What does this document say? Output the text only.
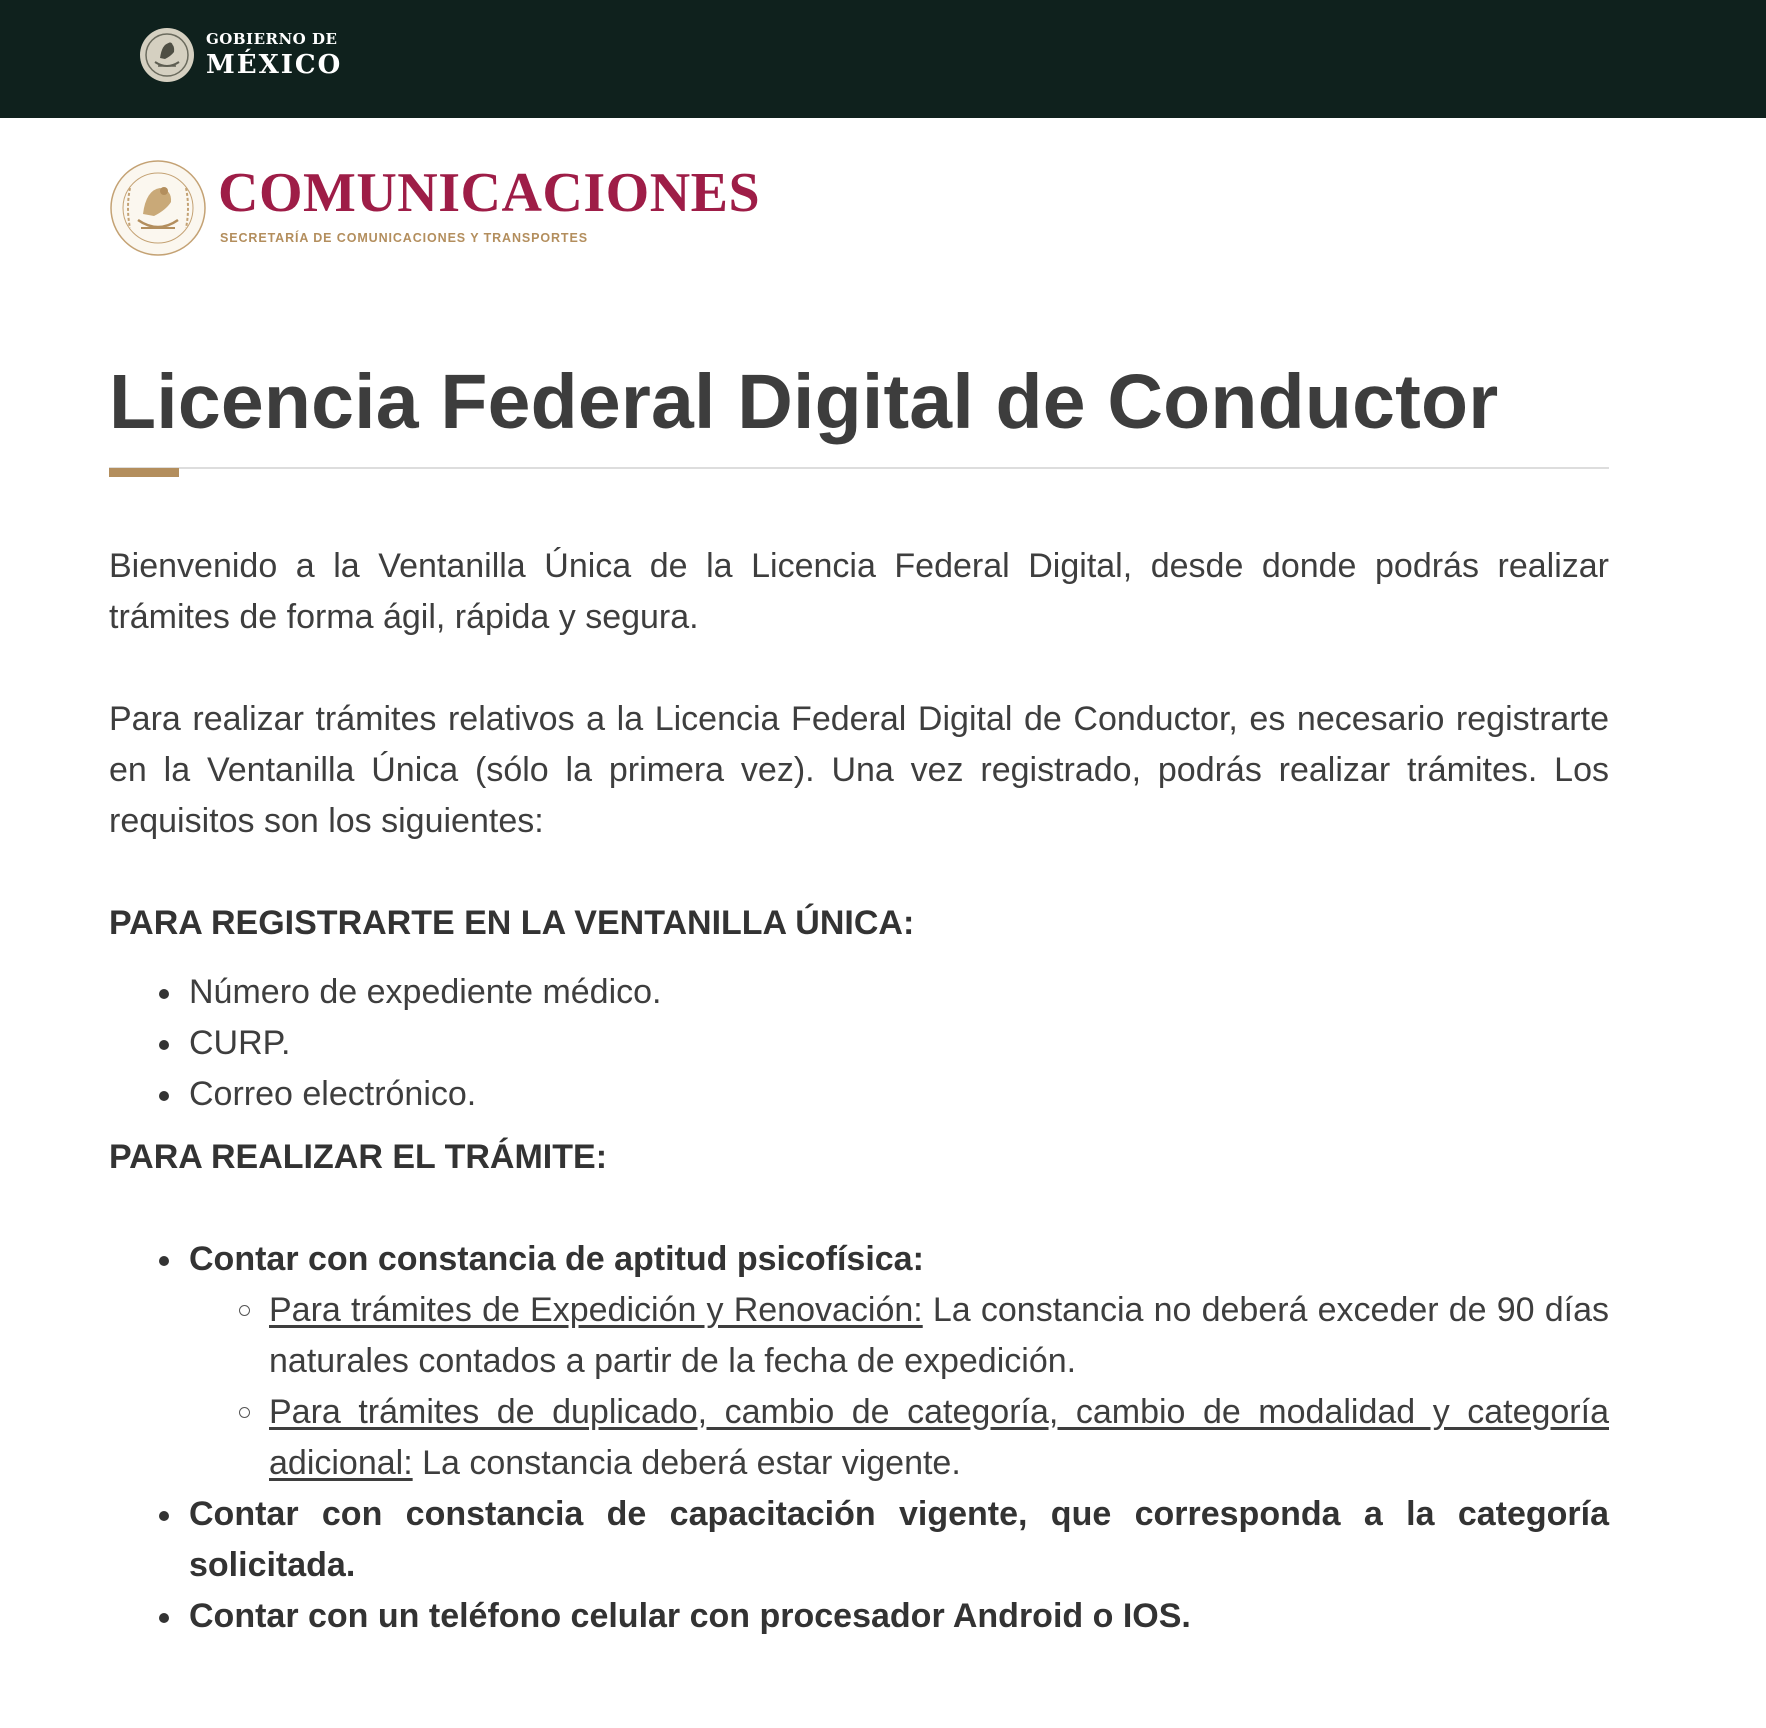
GOBIERNO DE
MÉXICO
COMUNICACIONES
SECRETARÍA DE COMUNICACIONES Y TRANSPORTES
Licencia Federal Digital de Conductor

Bienvenido a la Ventanilla Única de la Licencia Federal Digital, desde donde podrás realizar trámites de forma ágil, rápida y segura.

Para realizar trámites relativos a la Licencia Federal Digital de Conductor, es necesario registrarte en la Ventanilla Única (sólo la primera vez). Una vez registrado, podrás realizar trámites. Los requisitos son los siguientes:

PARA REGISTRARTE EN LA VENTANILLA ÚNICA:
Número de expediente médico.
CURP.
Correo electrónico.
PARA REALIZAR EL TRÁMITE:
Contar con constancia de aptitud psicofísica:
Para trámites de Expedición y Renovación: La constancia no deberá exceder de 90 días naturales contados a partir de la fecha de expedición.
Para trámites de duplicado, cambio de categoría, cambio de modalidad y categoría adicional: La constancia deberá estar vigente.
Contar con constancia de capacitación vigente, que corresponda a la categoría solicitada.
Contar con un teléfono celular con procesador Android o IOS.
